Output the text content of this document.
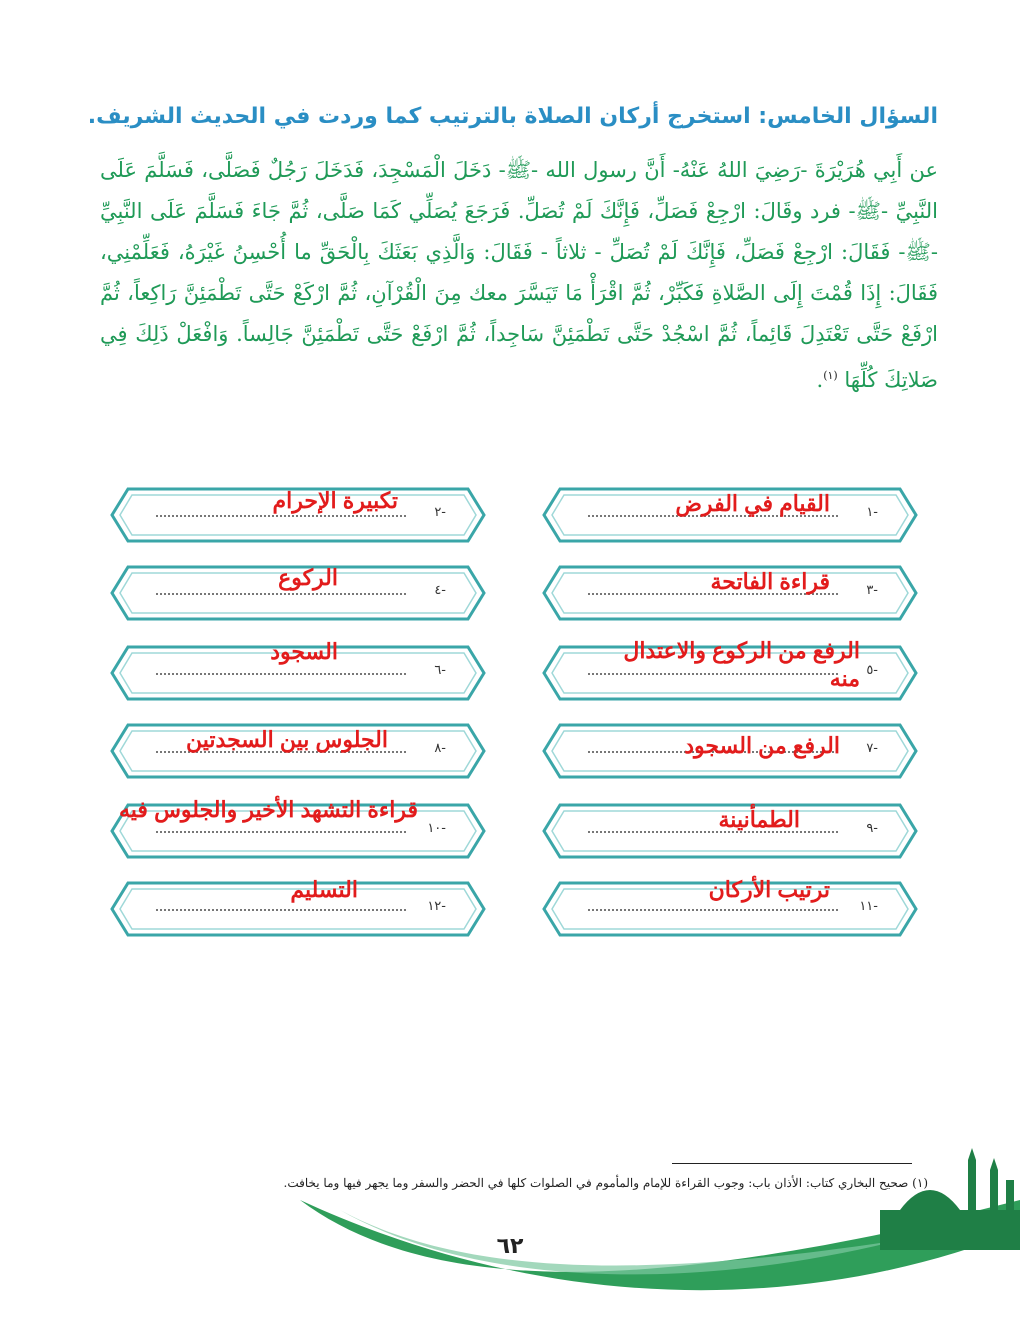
السؤال الخامس: استخرج أركان الصلاة بالترتيب كما وردت في الحديث الشريف.

عن أَبِي هُرَيْرَةَ -رَضِيَ اللهُ عَنْهُ- أَنَّ رسول الله -ﷺ- دَخَلَ الْمَسْجِدَ، فَدَخَلَ رَجُلٌ فَصَلَّى، فَسَلَّمَ عَلَى النَّبِيِّ -ﷺ- فرد وقَالَ: ارْجِعْ فَصَلِّ، فَإِنَّكَ لَمْ تُصَلِّ. فَرَجَعَ يُصَلِّي كَمَا صَلَّى، ثُمَّ جَاءَ فَسَلَّمَ عَلَى النَّبِيِّ -ﷺ- فَقَالَ: ارْجِعْ فَصَلِّ، فَإِنَّكَ لَمْ تُصَلِّ - ثلاثاً - فَقَالَ: وَالَّذِي بَعَثَكَ بِالْحَقِّ ما أُحْسِنُ غَيْرَهُ، فَعَلِّمْنِي، فَقَالَ: إِذَا قُمْتَ إِلَى الصَّلاةِ فَكَبِّرْ، ثُمَّ اقْرَأْ مَا تَيَسَّرَ معك مِنَ الْقُرْآنِ، ثُمَّ ارْكَعْ حَتَّى تَطْمَئِنَّ رَاكِعاً، ثُمَّ ارْفَعْ حَتَّى تَعْتَدِلَ قَائِماً، ثُمَّ اسْجُدْ حَتَّى تَطْمَئِنَّ سَاجِداً، ثُمَّ ارْفَعْ حَتَّى تَطْمَئِنَّ جَالِساً. وَافْعَلْ ذَلِكَ فِي صَلاتِكَ كُلِّهَا $^{(١)}$.

-١
القيام في الفرض
-٢
تكبيرة الإحرام
-٣
قراءة الفاتحة
-٤
الركوع
-٥
الرفع من الركوع والاعتدال منه
-٦
السجود
-٧
الرفع من السجود
-٨
الجلوس بين السجدتين
-٩
الطمأنينة
-١٠
قراءة التشهد الأخير والجلوس فيه
-١١
ترتيب الأركان
-١٢
التسليم

(١) صحيح البخاري كتاب: الأذان باب: وجوب القراءة للإمام والمأموم في الصلوات كلها في الحضر والسفر وما يجهر فيها وما يخافت.

٦٢
